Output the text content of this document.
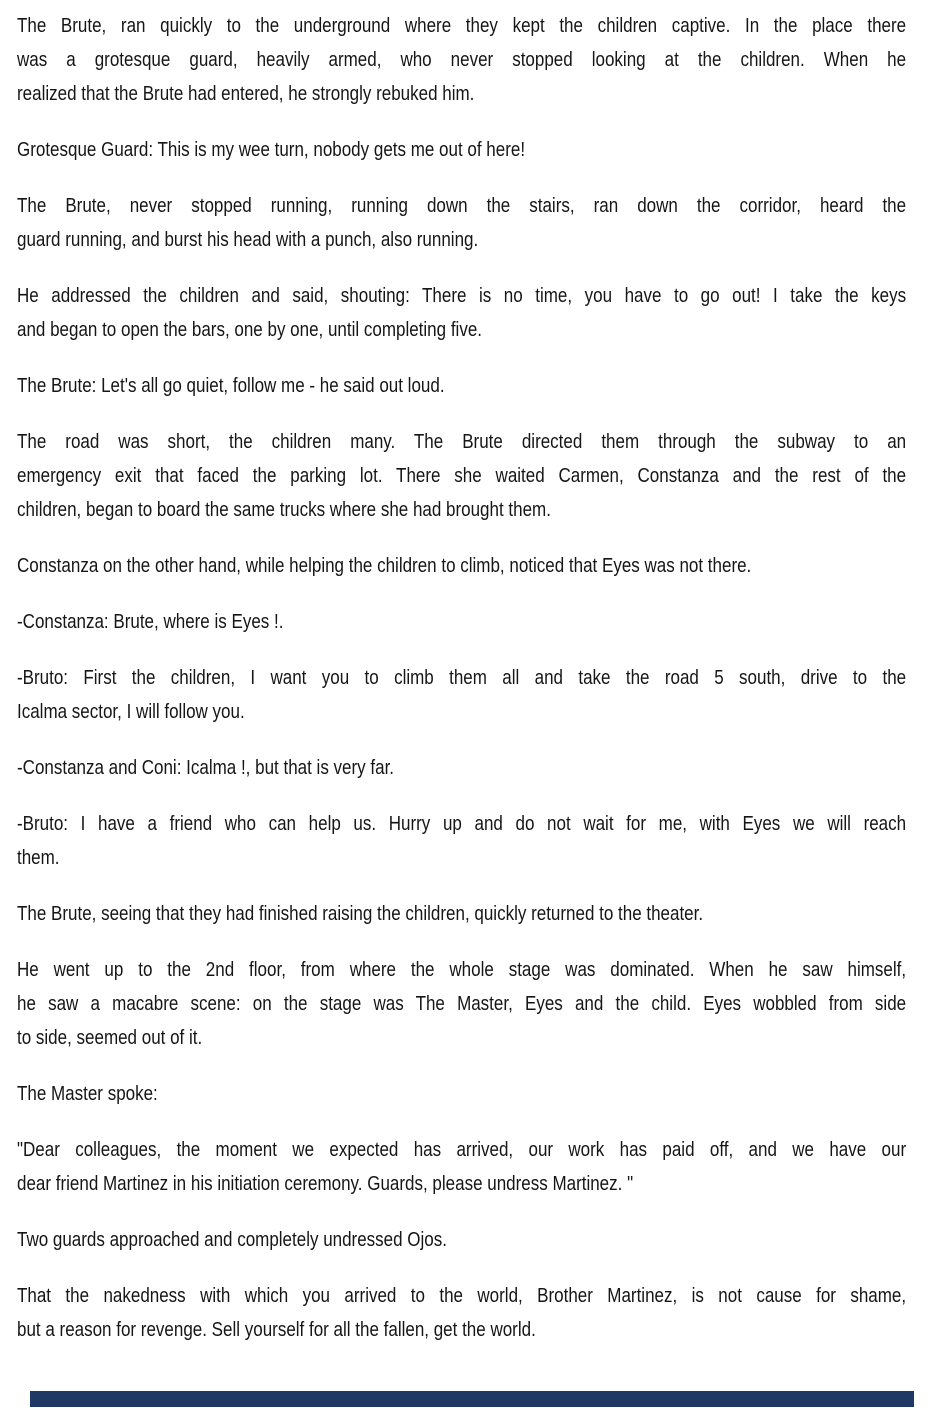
The Brute, ran quickly to the underground where they kept the children captive. In the place there
was a grotesque guard, heavily armed, who never stopped looking at the children. When he
realized that the Brute had entered, he strongly rebuked him.
Grotesque Guard: This is my wee turn, nobody gets me out of here!
The Brute, never stopped running, running down the stairs, ran down the corridor, heard the
guard running, and burst his head with a punch, also running.
He addressed the children and said, shouting: There is no time, you have to go out! I take the keys
and began to open the bars, one by one, until completing five.
The Brute: Let's all go quiet, follow me - he said out loud.
The road was short, the children many. The Brute directed them through the subway to an
emergency exit that faced the parking lot. There she waited Carmen, Constanza and the rest of the
children, began to board the same trucks where she had brought them.
Constanza on the other hand, while helping the children to climb, noticed that Eyes was not there.
-Constanza: Brute, where is Eyes !.
-Bruto: First the children, I want you to climb them all and take the road 5 south, drive to the
Icalma sector, I will follow you.
-Constanza and Coni: Icalma !, but that is very far.
-Bruto: I have a friend who can help us. Hurry up and do not wait for me, with Eyes we will reach
them.
The Brute, seeing that they had finished raising the children, quickly returned to the theater.
He went up to the 2nd floor, from where the whole stage was dominated. When he saw himself,
he saw a macabre scene: on the stage was The Master, Eyes and the child. Eyes wobbled from side
to side, seemed out of it.
The Master spoke:
"Dear colleagues, the moment we expected has arrived, our work has paid off, and we have our
dear friend Martinez in his initiation ceremony. Guards, please undress Martinez. "
Two guards approached and completely undressed Ojos.
That the nakedness with which you arrived to the world, Brother Martinez, is not cause for shame,
but a reason for revenge. Sell yourself for all the fallen, get the world.
